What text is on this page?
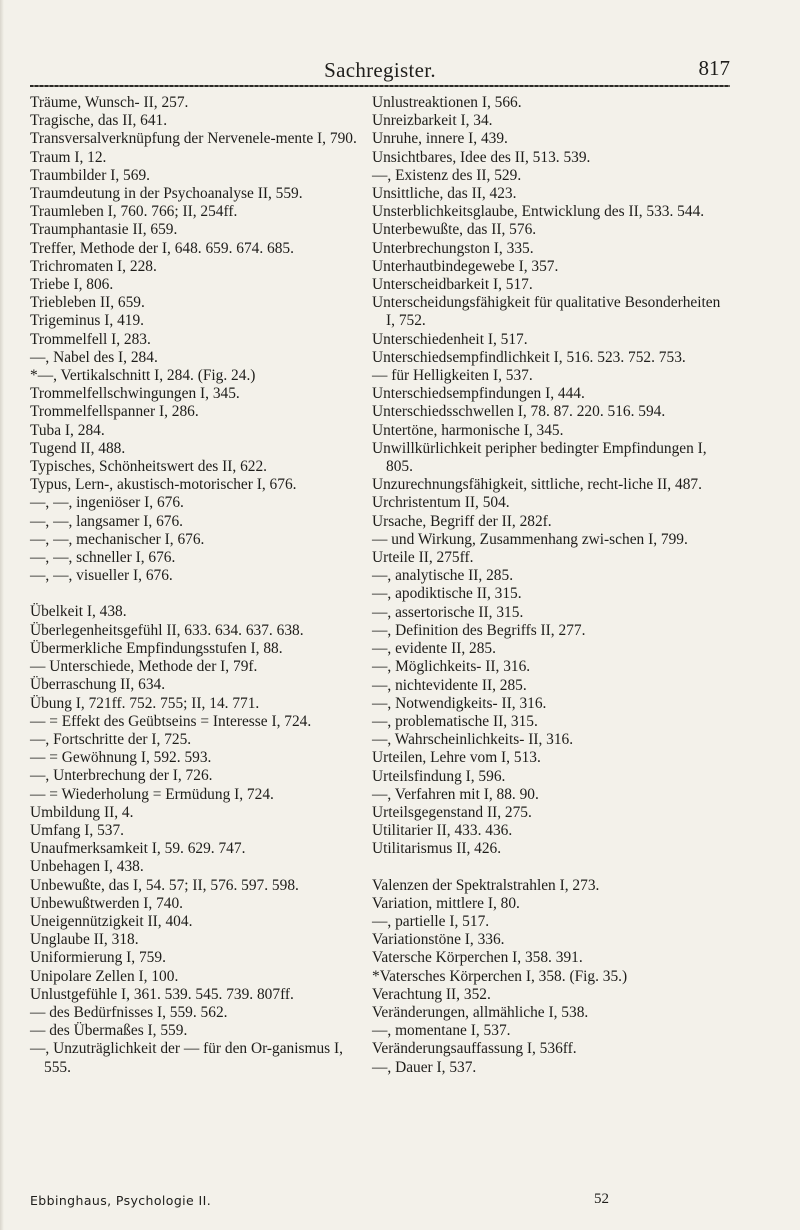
Sachregister.	817
Träume, Wunsch- II, 257.
Tragische, das II, 641.
Transversalverknüpfung der Nervenele-mente I, 790.
Traum I, 12.
Traumbilder I, 569.
Traumdeutung in der Psychoanalyse II, 559.
Traumleben I, 760. 766; II, 254ff.
Traumphantasie II, 659.
Treffer, Methode der I, 648. 659. 674. 685.
Trichromaten I, 228.
Triebe I, 806.
Triebleben II, 659.
Trigeminus I, 419.
Trommelfell I, 283.
—, Nabel des I, 284.
*—, Vertikalschnitt I, 284. (Fig. 24.)
Trommelfellschwingungen I, 345.
Trommelfellspanner I, 286.
Tuba I, 284.
Tugend II, 488.
Typisches, Schönheitswert des II, 622.
Typus, Lern-, akustisch-motorischer I, 676.
—, —, ingeniöser I, 676.
—, —, langsamer I, 676.
—, —, mechanischer I, 676.
—, —, schneller I, 676.
—, —, visueller I, 676.
Übelkeit I, 438.
Überlegenheitsgefühl II, 633. 634. 637. 638.
Übermerkliche Empfindungsstufen I, 88.
— Unterschiede, Methode der I, 79f.
Überraschung II, 634.
Übung I, 721ff. 752. 755; II, 14. 771.
— = Effekt des Geübtseins = Interesse I, 724.
—, Fortschritte der I, 725.
— = Gewöhnung I, 592. 593.
—, Unterbrechung der I, 726.
— = Wiederholung = Ermüdung I, 724.
Umbildung II, 4.
Umfang I, 537.
Unaufmerksamkeit I, 59. 629. 747.
Unbehagen I, 438.
Unbewußte, das I, 54. 57; II, 576. 597. 598.
Unbewußtwerden I, 740.
Uneigennützigkeit II, 404.
Unglaube II, 318.
Uniformierung I, 759.
Unipolare Zellen I, 100.
Unlustgefühle I, 361. 539. 545. 739. 807ff.
— des Bedürfnisses I, 559. 562.
— des Übermaßes I, 559.
—, Unzuträglichkeit der — für den Or-ganismus I, 555.
Unlustreaktionen I, 566.
Unreizbarkeit I, 34.
Unruhe, innere I, 439.
Unsichtbares, Idee des II, 513. 539.
—, Existenz des II, 529.
Unsittliche, das II, 423.
Unsterblichkeitsglaube, Entwicklung des II, 533. 544.
Unterbewußte, das II, 576.
Unterbrechungston I, 335.
Unterhautbindegewebe I, 357.
Unterscheidbarkeit I, 517.
Unterscheidungsfähigkeit für qualitative Besonderheiten I, 752.
Unterschiedenheit I, 517.
Unterschiedsempfindlichkeit I, 516. 523. 752. 753.
— für Helligkeiten I, 537.
Unterschiedsempfindungen I, 444.
Unterschiedsschwellen I, 78. 87. 220. 516. 594.
Untertöne, harmonische I, 345.
Unwillkürlichkeit peripher bedingter Empfindungen I, 805.
Unzurechnungsfähigkeit, sittliche, recht-liche II, 487.
Urchristentum II, 504.
Ursache, Begriff der II, 282f.
— und Wirkung, Zusammenhang zwi-schen I, 799.
Urteile II, 275ff.
—, analytische II, 285.
—, apodiktische II, 315.
—, assertorische II, 315.
—, Definition des Begriffs II, 277.
—, evidente II, 285.
—, Möglichkeits- II, 316.
—, nichtevidente II, 285.
—, Notwendigkeits- II, 316.
—, problematische II, 315.
—, Wahrscheinlichkeits- II, 316.
Urteilen, Lehre vom I, 513.
Urteilsfindung I, 596.
—, Verfahren mit I, 88. 90.
Urteilsgegenstand II, 275.
Utilitarier II, 433. 436.
Utilitarismus II, 426.
Valenzen der Spektralstrahlen I, 273.
Variation, mittlere I, 80.
—, partielle I, 517.
Variationstöne I, 336.
Vatersche Körperchen I, 358. 391.
*Vatersches Körperchen I, 358. (Fig. 35.)
Verachtung II, 352.
Veränderungen, allmähliche I, 538.
—, momentane I, 537.
Veränderungsauffassung I, 536ff.
—, Dauer I, 537.
Ebbinghaus, Psychologie II.	52
